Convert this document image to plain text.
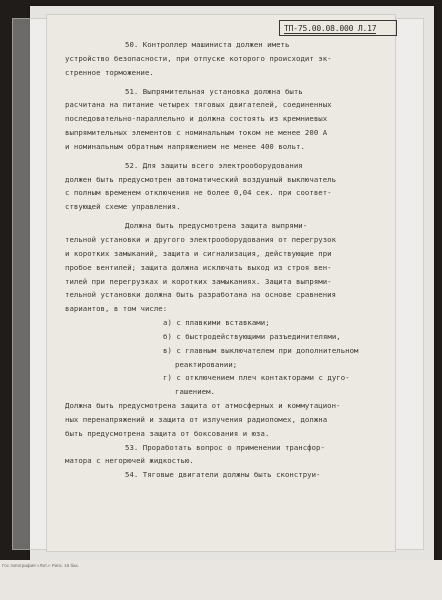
ТП-75.00.08.000 Л.17
50. Контроллер машиниста должен иметь
устройство безопасности, при отпуске которого происходит эк-
стренное торможение.
51. Выпрямительная установка должна быть
расчитана на питание четырех тяговых двигателей, соединенных
последовательно-параллельно и должна состоять из кремниевых
выпрямительных элементов с номинальным током не менее 200 А
и номинальным обратным напряжением не менее 400 вольт.
52. Для защиты всего электрооборудования
должен быть предусмотрен автоматический воздушный выключатель
с полным временем отключения не более 0,04 сек. при соответ-
ствующей схеме управления.
Должна быть предусмотрена защита выпрями-
тельной установки и другого электрооборудования от перегрузок
и коротких замыканий, защита и сигнализация, действующие при
пробое вентилей; защита должна исключать выход из строя вен-
тилей при перегрузках и коротких замыканиях. Защита выпрями-
тельной установки должна быть разработана на основе сравнения
вариантов, в том числе:
а) с плавкими вставками;
б) с быстродействующими разъединителями,
в) с главным выключателем при дополнительном
реактировании;
г) с отключением плеч контакторами с дуго-
гашением.
Должна быть предусмотрена защита от атмосферных и коммутацион-
ных перенапряжений и защита от излучения радиопомех, должна
быть предусмотрена защита от боксования и юза.
53. Проработать вопрос о применении трансфор-
матора с негорючей жидкостью.
54. Тяговые двигатели должны быть сконструи-
Гос.типография «Лит.» Рига. 16 бах.
